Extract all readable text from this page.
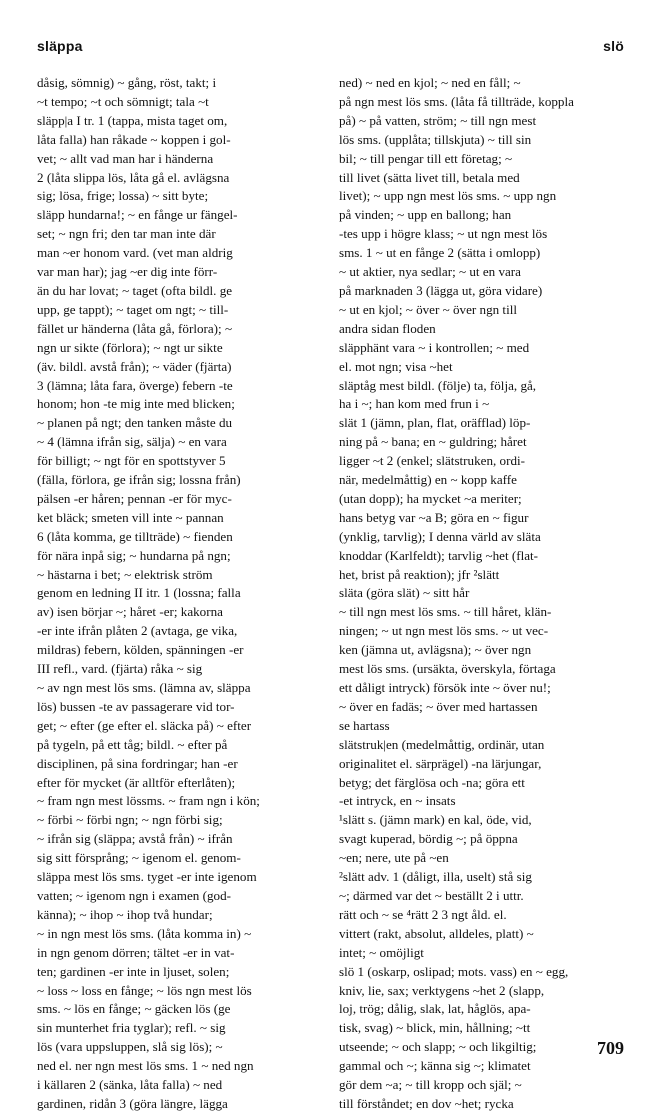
släppa	slö
dåsig, sömnig) ~ gång, röst, takt; i
~t tempo; ~t och sömnigt; tala ~t
släpp|a I tr. 1 (tappa, mista taget om,
låta falla) han råkade ~ koppen i gol-
vet; ~ allt vad man har i händerna
2 (låta slippa lös, låta gå el. avlägsna
sig; lösa, frige; lossa) ~ sitt byte;
släpp hundarna!; ~ en fånge ur fängel-
set; ~ ngn fri; den tar man inte där
man ~er honom vard. (vet man aldrig
var man har); jag ~er dig inte förr-
än du har lovat; ~ taget (ofta bildl. ge
upp, ge tappt); ~ taget om ngt; ~ till-
fället ur händerna (låta gå, förlora); ~
ngn ur sikte (förlora); ~ ngt ur sikte
(äv. bildl. avstå från); ~ väder (fjärta)
3 (lämna; låta fara, överge) febern -te
honom; hon -te mig inte med blicken;
~ planen på ngt; den tanken måste du
~ 4 (lämna ifrån sig, sälja) ~ en vara
för billigt; ~ ngt för en spottstyver 5
(fälla, förlora, ge ifrån sig; lossna från)
pälsen -er håren; pennan -er för myc-
ket bläck; smeten vill inte ~ pannan
6 (låta komma, ge tillträde) ~ fienden
för nära inpå sig; ~ hundarna på ngn;
~ hästarna i bet; ~ elektrisk ström
genom en ledning II itr. 1 (lossna; falla
av) isen börjar ~; håret -er; kakorna
-er inte ifrån plåten 2 (avtaga, ge vika,
mildras) febern, kölden, spänningen -er
III refl., vard. (fjärta) råka ~ sig
~ av ngn mest lös sms. (lämna av, släppa
lös) bussen -te av passagerare vid tor-
get; ~ efter (ge efter el. släcka på) ~ efter
på tygeln, på ett tåg; bildl. ~ efter på
disciplinen, på sina fordringar; han -er
efter för mycket (är alltför efterlåten);
~ fram ngn mest lössms. ~ fram ngn i kön;
~ förbi ~ förbi ngn; ~ ngn förbi sig;
~ ifrån sig (släppa; avstå från) ~ ifrån
sig sitt försprång; ~ igenom el. genom-
släppa mest lös sms. tyget -er inte igenom
vatten; ~ igenom ngn i examen (god-
känna); ~ ihop ~ ihop två hundar;
~ in ngn mest lös sms. (låta komma in) ~
in ngn genom dörren; tältet -er in vat-
ten; gardinen -er inte in ljuset, solen;
~ loss ~ loss en fånge; ~ lös ngn mest lös
sms. ~ lös en fånge; ~ gäcken lös (ge
sin munterhet fria tyglar); refl. ~ sig
lös (vara uppsluppen, slå sig lös); ~
ned el. ner ngn mest lös sms. 1 ~ ned ngn
i källaren 2 (sänka, låta falla) ~ ned
gardinen, ridån 3 (göra längre, lägga
ned) ~ ned en kjol; ~ ned en fåll; ~
på ngn mest lös sms. (låta få tillträde, koppla
på) ~ på vatten, ström; ~ till ngn mest
lös sms. (upplåta; tillskjuta) ~ till sin
bil; ~ till pengar till ett företag; ~
till livet (sätta livet till, betala med
livet); ~ upp ngn mest lös sms. ~ upp ngn
på vinden; ~ upp en ballong; han
-tes upp i högre klass; ~ ut ngn mest lös
sms. 1 ~ ut en fånge 2 (sätta i omlopp)
~ ut aktier, nya sedlar; ~ ut en vara
på marknaden 3 (lägga ut, göra vidare)
~ ut en kjol; ~ över ~ över ngn till
andra sidan floden
släpphänt vara ~ i kontrollen; ~ med
el. mot ngn; visa ~het
släptåg mest bildl. (följe) ta, följa, gå,
ha i ~; han kom med frun i ~
slät 1 (jämn, plan, flat, oräfflad) löp-
ning på ~ bana; en ~ guldring; håret
ligger ~t 2 (enkel; slätstruken, ordi-
när, medelmåttig) en ~ kopp kaffe
(utan dopp); ha mycket ~a meriter;
hans betyg var ~a B; göra en ~ figur
(ynklig, tarvlig); I denna värld av släta
knoddar (Karlfeldt); tarvlig ~het (flat-
het, brist på reaktion); jfr ²slätt
släta (göra slät) ~ sitt hår
~ till ngn mest lös sms. ~ till håret, klän-
ningen; ~ ut ngn mest lös sms. ~ ut vec-
ken (jämna ut, avlägsna); ~ över ngn
mest lös sms. (ursäkta, överskyla, förtaga
ett dåligt intryck) försök inte ~ över nu!;
~ över en fadäs; ~ över med hartassen
se hartass
slätstruk|en (medelmåttig, ordinär, utan
originalitet el. särprägel) -na lärjungar,
betyg; det färglösa och -na; göra ett
-et intryck, en ~ insats
¹slätt s. (jämn mark) en kal, öde, vid,
svagt kuperad, bördig ~; på öppna
~en; nere, ute på ~en
²slätt adv. 1 (dåligt, illa, uselt) stå sig
~; därmed var det ~ beställt 2 i uttr.
rätt och ~ se ⁴rätt 2 3 ngt åld. el.
vittert (rakt, absolut, alldeles, platt) ~
intet; ~ omöjligt
slö 1 (oskarp, oslipad; mots. vass) en ~ egg,
kniv, lie, sax; verktygens ~het 2 (slapp,
loj, trög; dålig, slak, lat, håglös, apa-
tisk, svag) ~ blick, min, hållning; ~tt
utseende; ~ och slapp; ~ och likgiltig;
gammal och ~; känna sig ~; klimatet
gör dem ~a; ~ till kropp och själ; ~
till förståndet; en dov ~het; rycka
709
